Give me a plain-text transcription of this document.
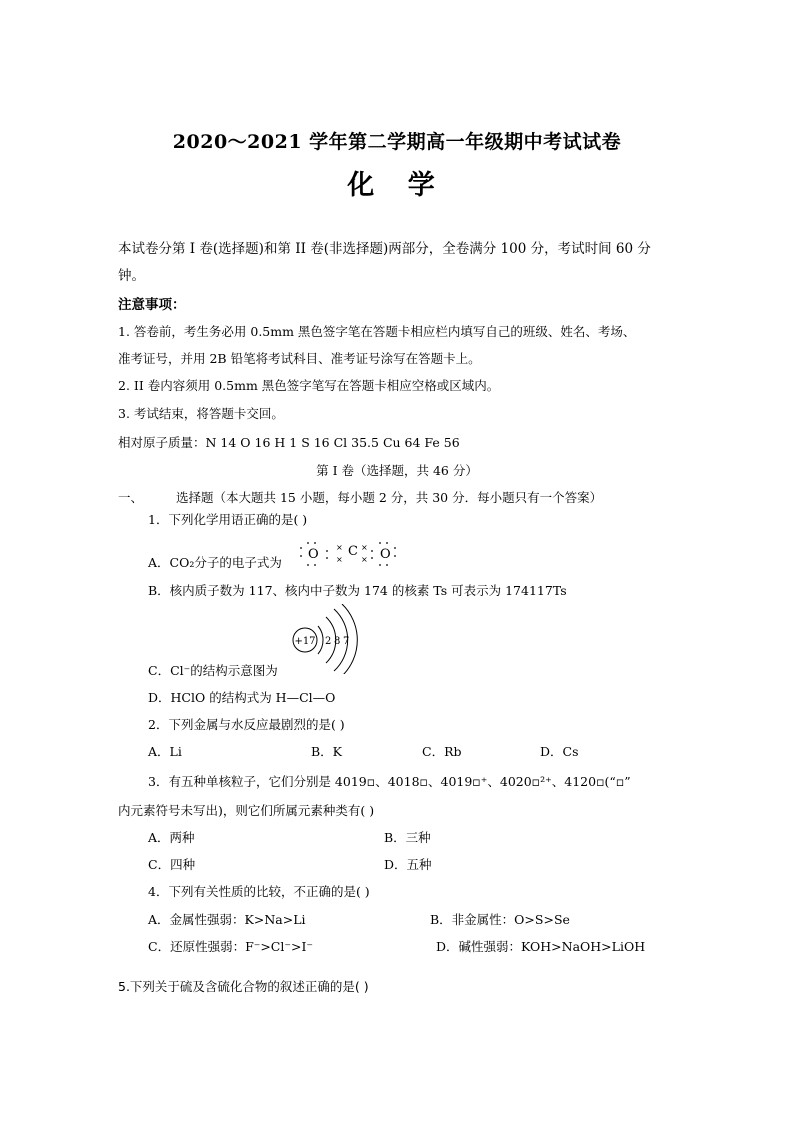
2020～2021 学年第二学期高一年级期中考试试卷
化 学
本试卷分第 I 卷(选择题)和第 II 卷(非选择题)两部分，全卷满分 100 分，考试时间 60 分
钟。
注意事项：
1. 答卷前，考生务必用 0.5mm 黑色签字笔在答题卡相应栏内填写自己的班级、姓名、考场、
准考证号，并用 2B 铅笔将考试科目、准考证号涂写在答题卡上。
2. II 卷内容须用 0.5mm 黑色签字笔写在答题卡相应空格或区域内。
3. 考试结束，将答题卡交回。
相对原子质量：N 14 O 16 H 1 S 16 Cl 35.5 Cu 64 Fe 56
第 I 卷（选择题，共 46 分）
一、	选择题（本大题共 15 小题，每小题 2 分，共 30 分．每小题只有一个答案）
1．下列化学用语正确的是( )
A．CO₂分子的电子式为
O C O
×
×
×
×
B．核内质子数为 117、核内中子数为 174 的核素 Ts 可表示为 174117Ts
+17 2 8 7
C．Cl⁻的结构示意图为
D．HClO 的结构式为 H—Cl—O
2．下列金属与水反应最剧烈的是( )
A．Li	B．K	C．Rb	D．Cs
3．有五种单核粒子，它们分别是 4019▫、4018▫、4019▫⁺、4020▫²⁺、4120▫(“▫”
内元素符号未写出)，则它们所属元素种类有( )
A．两种	B．三种
C．四种	D．五种
4．下列有关性质的比较，不正确的是( )
A．金属性强弱：K>Na>Li	B．非金属性：O>S>Se
C．还原性强弱：F⁻>Cl⁻>I⁻	D．碱性强弱：KOH>NaOH>LiOH
5.下列关于硫及含硫化合物的叙述正确的是( )
